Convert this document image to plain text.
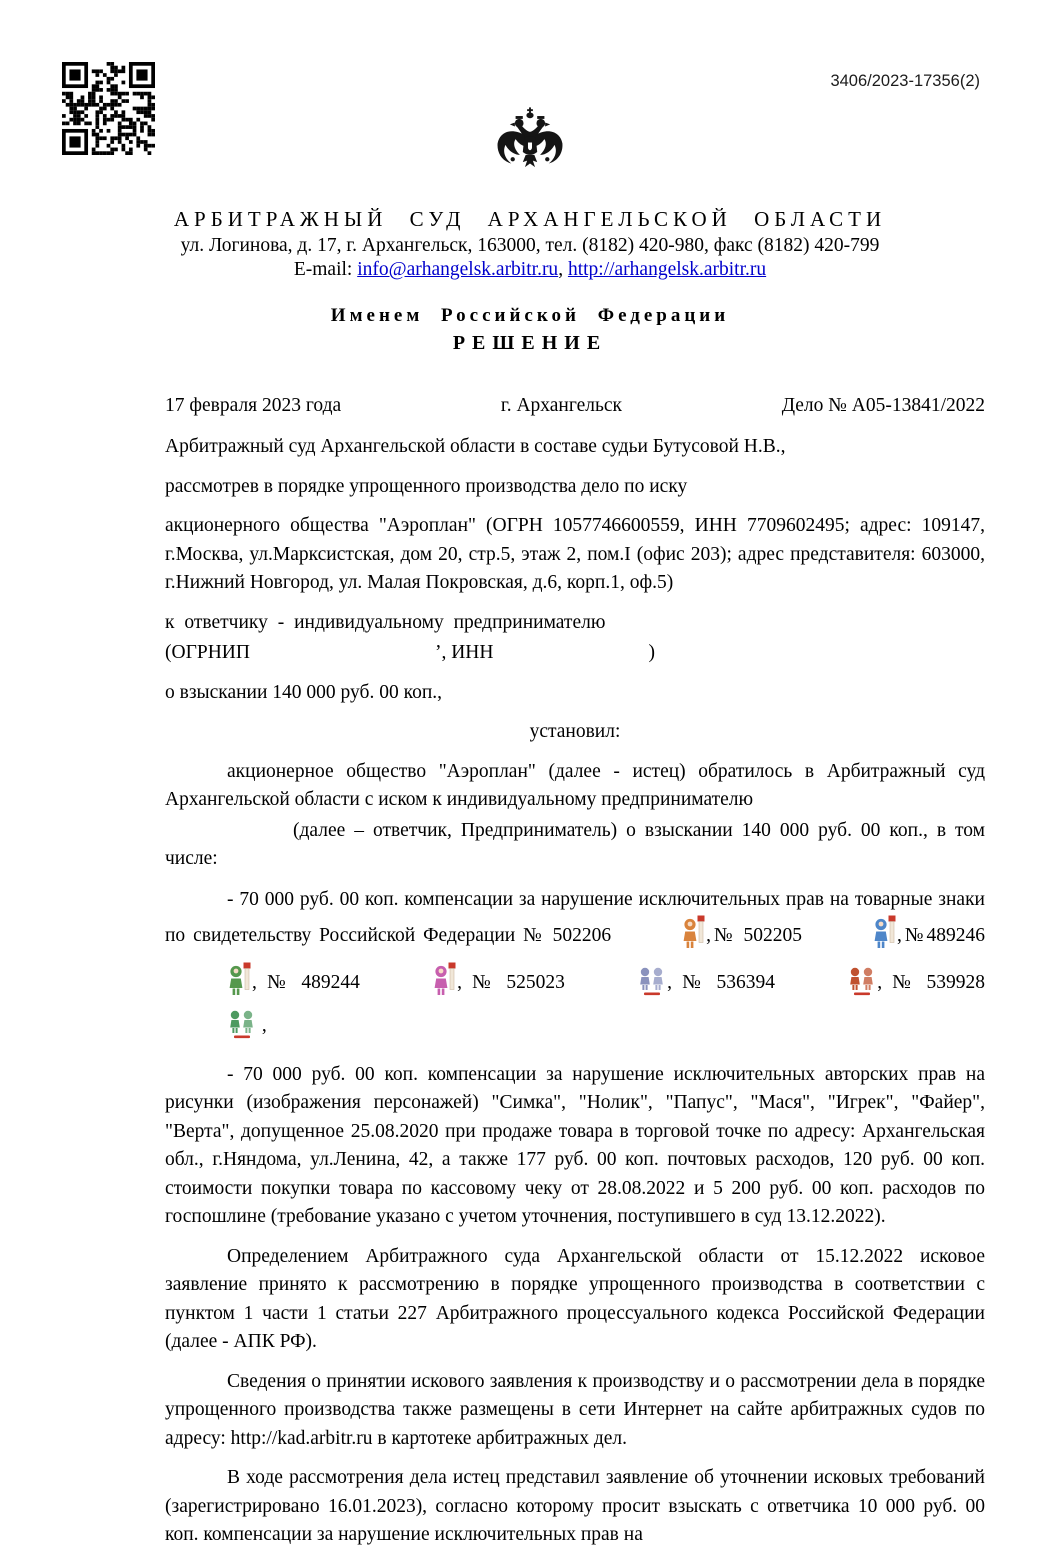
3406/2023-17356(2)
АРБИТРАЖНЫЙ СУД АРХАНГЕЛЬСКОЙ ОБЛАСТИ
ул. Логинова, д. 17, г. Архангельск, 163000, тел. (8182) 420-980, факс (8182) 420-799
E-mail: info@arhangelsk.arbitr.ru, http://arhangelsk.arbitr.ru
Именем Российской Федерации
РЕШЕНИЕ
17 февраля 2023 года	г. Архангельск	Дело № А05-13841/2022

Арбитражный суд Архангельской области в составе судьи Бутусовой Н.В.,

рассмотрев в порядке упрощенного производства дело по иску

акционерного общества "Аэроплан" (ОГРН 1057746600559, ИНН 7709602495; адрес: 109147, г.Москва, ул.Марксистская, дом 20, стр.5, этаж 2, пом.I (офис 203); адрес представителя: 603000, г.Нижний Новгород, ул. Малая Покровская, д.6, корп.1, оф.5)

к ответчику - индивидуальному предпринимателю

(ОГРНИП	’, ИНН	)

о взыскании 140 000 руб. 00 коп.,

установил:

акционерное общество "Аэроплан" (далее - истец) обратилось в Арбитражный суд Архангельской области с иском к индивидуальному предпринимателю

(далее – ответчик, Предприниматель) о взыскании 140 000 руб. 00 коп., в том числе:

- 70 000 руб. 00 коп. компенсации за нарушение исключительных прав на товарные знаки по свидетельству Российской Федерации № 502206	,№ 502205	,№489246, № 489244	, № 525023	, № 536394	, № 539928  ,

- 70 000 руб. 00 коп. компенсации за нарушение исключительных авторских прав на рисунки (изображения персонажей) "Симка", "Нолик", "Папус", "Мася", "Игрек", "Файер", "Верта", допущенное 25.08.2020 при продаже товара в торговой точке по адресу: Архангельская обл., г.Няндома, ул.Ленина, 42, а также 177 руб. 00 коп. почтовых расходов, 120 руб. 00 коп. стоимости покупки товара по кассовому чеку от 28.08.2022 и 5 200 руб. 00 коп. расходов по госпошлине (требование указано с учетом уточнения, поступившего в суд 13.12.2022).

Определением Арбитражного суда Архангельской области от 15.12.2022 исковое заявление принято к рассмотрению в порядке упрощенного производства в соответствии с пунктом 1 части 1 статьи 227 Арбитражного процессуального кодекса Российской Федерации (далее - АПК РФ).

Сведения о принятии искового заявления к производству и о рассмотрении дела в порядке упрощенного производства также размещены в сети Интернет на сайте арбитражных судов по адресу: http://kad.arbitr.ru в картотеке арбитражных дел.

В ходе рассмотрения дела истец представил заявление об уточнении исковых требований (зарегистрировано 16.01.2023), согласно которому просит взыскать с ответчика 10 000 руб. 00 коп. компенсации за нарушение исключительных прав на
